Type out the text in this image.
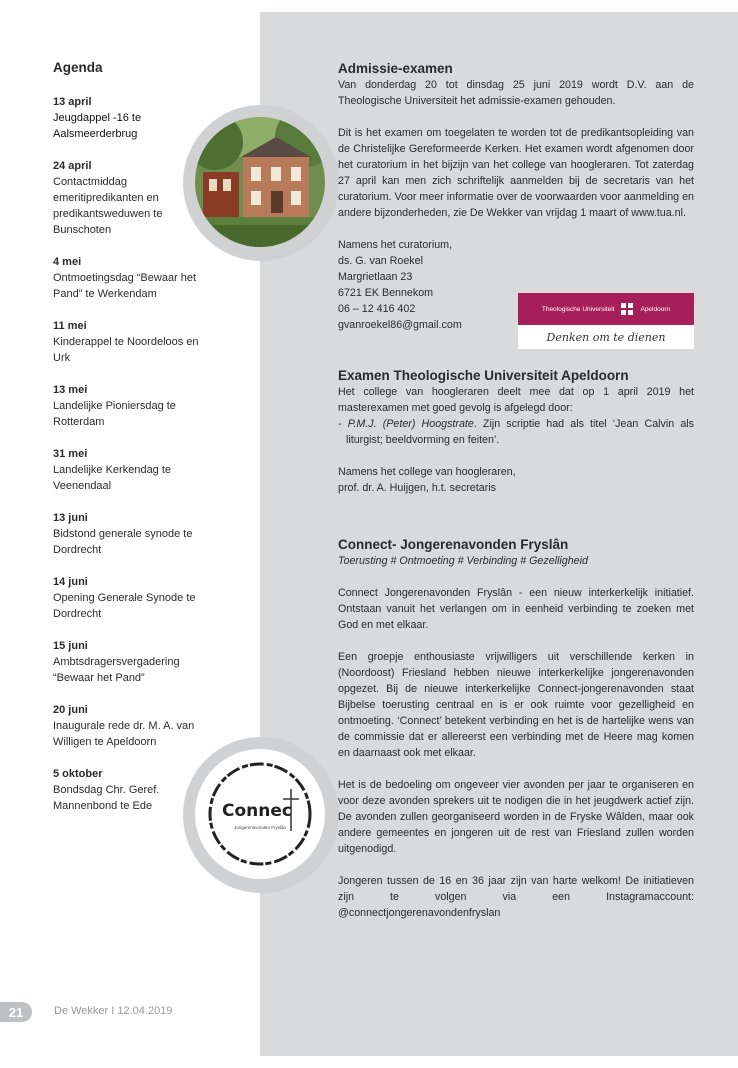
Agenda
13 april
Jeugdappel -16 te Aalsmeerderbrug
24 april
Contactmiddag emeritipredikanten en predikantsweduwen te Bunschoten
4 mei
Ontmoetingsdag “Bewaar het Pand” te Werkendam
11 mei
Kinderappel te Noordeloos en Urk
13 mei
Landelijke Pioniersdag te Rotterdam
31 mei
Landelijke Kerkendag te Veenendaal
13 juni
Bidstond generale synode te Dordrecht
14 juni
Opening Generale Synode te Dordrecht
15 juni
Ambtsdragersvergadering “Bewaar het Pand”
20 juni
Inaugurale rede dr. M. A. van Willigen te Apeldoorn
5 oktober
Bondsdag Chr. Geref. Mannenbond te Ede	Connec
Jongerenavonden Fryslân
Theologische Universiteit	Apeldoorn
Denken om te dienen
Admissie-examen

Van donderdag 20 tot dinsdag 25 juni 2019 wordt D.V. aan de Theologische Universiteit het admissie-examen gehouden.

Dit is het examen om toegelaten te worden tot de predikantsopleiding van de Christelijke Gereformeerde Kerken. Het examen wordt afgenomen door het curatorium in het bijzijn van het college van hoogleraren. Tot zaterdag 27 april kan men zich schriftelijk aanmelden bij de secretaris van het curatorium. Voor meer informatie over de voorwaarden voor aanmelding en andere bijzonderheden, zie De Wekker van vrijdag 1 maart of www.tua.nl.

Namens het curatorium,

ds. G. van Roekel

Margrietlaan 23

6721 EK Bennekom

06 – 12 416 402

gvanroekel86@gmail.com

Examen Theologische Universiteit Apeldoorn

Het college van hoogleraren deelt mee dat op 1 april 2019 het masterexamen met goed gevolg is afgelegd door:

- P.M.J. (Peter) Hoogstrate. Zijn scriptie had als titel ‘Jean Calvin als liturgist; beeldvorming en feiten’.

Namens het college van hoogleraren,

prof. dr. A. Huijgen, h.t. secretaris

Connect- Jongerenavonden Fryslân

Toerusting # Ontmoeting # Verbinding # Gezelligheid

Connect Jongerenavonden Fryslân - een nieuw interkerkelijk initiatief. Ontstaan vanuit het verlangen om in eenheid verbinding te zoeken met God en met elkaar.

Een groepje enthousiaste vrijwilligers uit verschillende kerken in (Noordoost) Friesland hebben nieuwe interkerkelijke jongerenavonden opgezet. Bij de nieuwe interkerkelijke Connect-jongerenavonden staat Bijbelse toerusting centraal en is er ook ruimte voor gezelligheid en ontmoeting. ‘Connect’ betekent verbinding en het is de hartelijke wens van de commissie dat er allereerst een verbinding met de Heere mag komen en daarnaast ook met elkaar.

Het is de bedoeling om ongeveer vier avonden per jaar te organiseren en voor deze avonden sprekers uit te nodigen die in het jeugdwerk actief zijn. De avonden zullen georganiseerd worden in de Fryske Wâlden, maar ook andere gemeentes en jongeren uit de rest van Friesland zullen worden uitgenodigd.

Jongeren tussen de 16 en 36 jaar zijn van harte welkom! De initiatieven zijn te volgen via een Instagramaccount: @connectjongerenavondenfryslan

21	De Wekker I 12.04.2019
